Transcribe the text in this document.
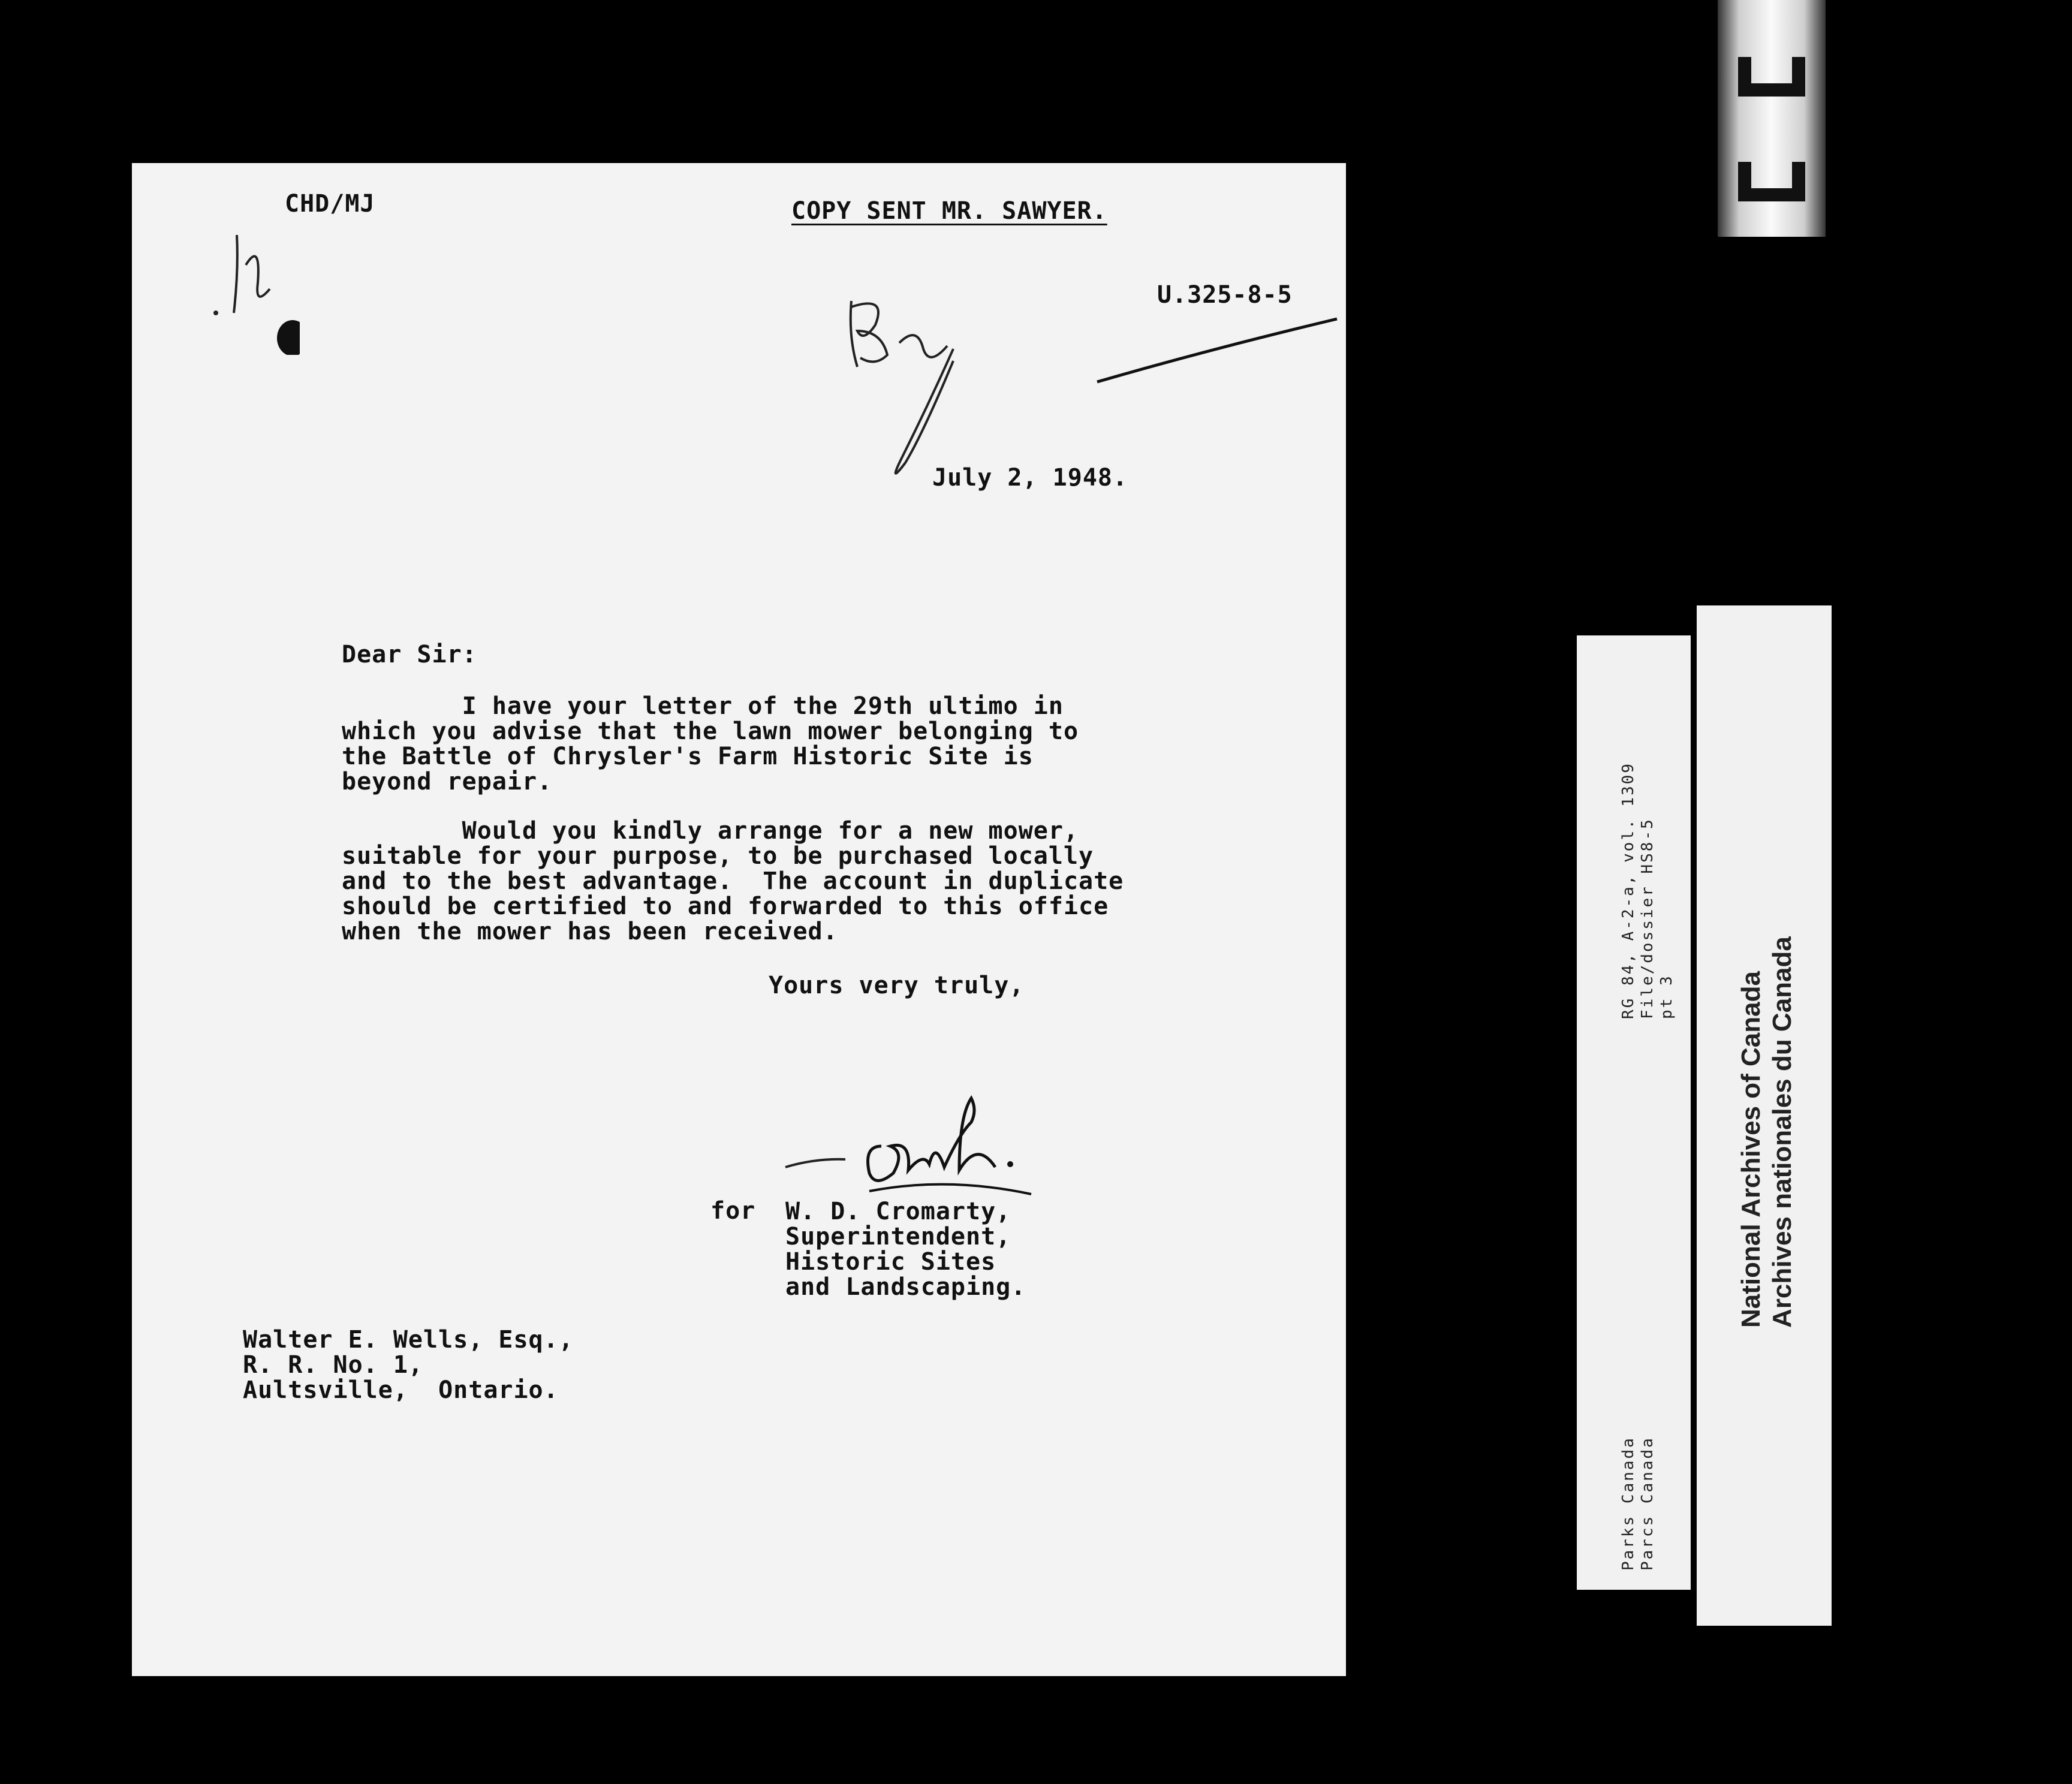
CHD/MJ	COPY SENT MR. SAWYER.
U.325-8-5
July 2, 1948.
Dear Sir:
I have your letter of the 29th ultimo in
which you advise that the lawn mower belonging to
the Battle of Chrysler's Farm Historic Site is
beyond repair.
Would you kindly arrange for a new mower,
suitable for your purpose, to be purchased locally
and to the best advantage.  The account in duplicate
should be certified to and forwarded to this office
when the mower has been received.
Yours very truly,
for W. D. Cromarty,
Superintendent,
Historic Sites
and Landscaping.
Walter E. Wells, Esq.,
R. R. No. 1,
Aultsville,  Ontario.
RG 84, A-2-a, vol. 1309
File/dossier HS8-5
pt 3
Parks Canada
Parcs Canada
National Archives of Canada
Archives nationales du Canada
